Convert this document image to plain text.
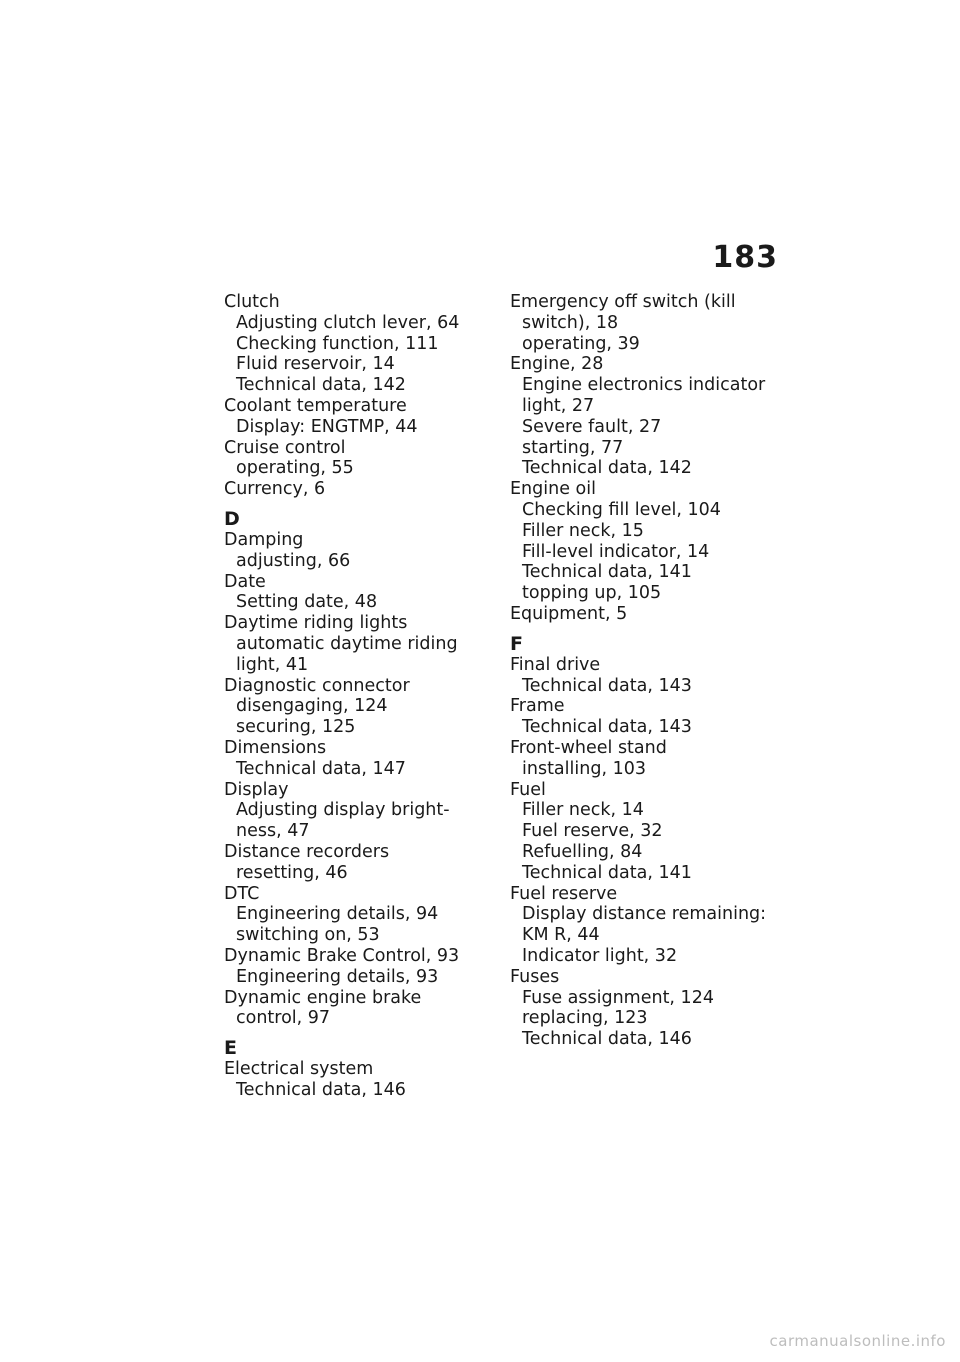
183
Clutch
Adjusting clutch lever, 64
Checking function, 111
Fluid reservoir, 14
Technical data, 142
Coolant temperature
Display: ENGTMP, 44
Cruise control
operating, 55
Currency, 6
D
Damping
adjusting, 66
Date
Setting date, 48
Daytime riding lights
automatic daytime riding
light, 41
Diagnostic connector
disengaging, 124
securing, 125
Dimensions
Technical data, 147
Display
Adjusting display bright-
ness, 47
Distance recorders
resetting, 46
DTC
Engineering details, 94
switching on, 53
Dynamic Brake Control, 93
Engineering details, 93
Dynamic engine brake
control, 97
E
Electrical system
Technical data, 146
Emergency off switch (kill
switch), 18
operating, 39
Engine, 28
Engine electronics indicator
light, 27
Severe fault, 27
starting, 77
Technical data, 142
Engine oil
Checking fill level, 104
Filler neck, 15
Fill-level indicator, 14
Technical data, 141
topping up, 105
Equipment, 5
F
Final drive
Technical data, 143
Frame
Technical data, 143
Front-wheel stand
installing, 103
Fuel
Filler neck, 14
Fuel reserve, 32
Refuelling, 84
Technical data, 141
Fuel reserve
Display distance remaining:
KM R, 44
Indicator light, 32
Fuses
Fuse assignment, 124
replacing, 123
Technical data, 146
carmanualsonline.info
